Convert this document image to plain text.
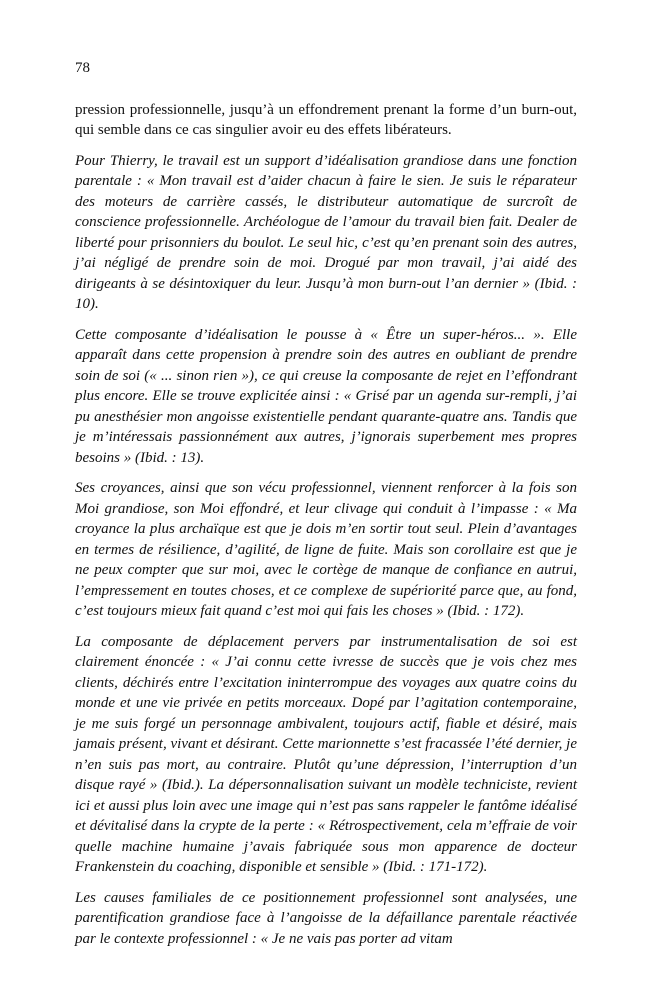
78

pression professionnelle, jusqu’à un effondrement prenant la forme d’un burn-out, qui semble dans ce cas singulier avoir eu des effets libérateurs.

Pour Thierry, le travail est un support d’idéalisation grandiose dans une fonction parentale : « Mon travail est d’aider chacun à faire le sien. Je suis le réparateur des moteurs de carrière cassés, le distributeur automatique de surcroît de conscience professionnelle. Archéologue de l’amour du travail bien fait. Dealer de liberté pour prisonniers du boulot. Le seul hic, c’est qu’en prenant soin des autres, j’ai négligé de prendre soin de moi. Drogué par mon travail, j’ai aidé des dirigeants à se désintoxiquer du leur. Jusqu’à mon burn-out l’an dernier » (Ibid. : 10).

Cette composante d’idéalisation le pousse à « Être un super-héros... ». Elle apparaît dans cette propension à prendre soin des autres en oubliant de prendre soin de soi (« ... sinon rien »), ce qui creuse la composante de rejet en l’effondrant plus encore. Elle se trouve explicitée ainsi : « Grisé par un agenda sur-rempli, j’ai pu anesthésier mon angoisse existentielle pendant quarante-quatre ans. Tandis que je m’intéressais passionnément aux autres, j’ignorais superbement mes propres besoins » (Ibid. : 13).

Ses croyances, ainsi que son vécu professionnel, viennent renforcer à la fois son Moi grandiose, son Moi effondré, et leur clivage qui conduit à l’impasse : « Ma croyance la plus archaïque est que je dois m’en sortir tout seul. Plein d’avantages en termes de résilience, d’agilité, de ligne de fuite. Mais son corollaire est que je ne peux compter que sur moi, avec le cortège de manque de confiance en autrui, l’empressement en toutes choses, et ce complexe de supériorité parce que, au fond, c’est toujours mieux fait quand c’est moi qui fais les choses » (Ibid. : 172).

La composante de déplacement pervers par instrumentalisation de soi est clairement énoncée : « J’ai connu cette ivresse de succès que je vois chez mes clients, déchirés entre l’excitation ininterrompue des voyages aux quatre coins du monde et une vie privée en petits morceaux. Dopé par l’agitation contemporaine, je me suis forgé un personnage ambivalent, toujours actif, fiable et désiré, mais jamais présent, vivant et désirant. Cette marionnette s’est fracassée l’été dernier, je n’en suis pas mort, au contraire. Plutôt qu’une dépression, l’interruption d’un disque rayé » (Ibid.). La dépersonnalisation suivant un modèle techniciste, revient ici et aussi plus loin avec une image qui n’est pas sans rappeler le fantôme idéalisé et dévitalisé dans la crypte de la perte : « Rétrospectivement, cela m’effraie de voir quelle machine humaine j’avais fabriquée sous mon apparence de docteur Frankenstein du coaching, disponible et sensible » (Ibid. : 171-172).

Les causes familiales de ce positionnement professionnel sont analysées, une parentification grandiose face à l’angoisse de la défaillance parentale réactivée par le contexte professionnel : « Je ne vais pas porter ad vitam
